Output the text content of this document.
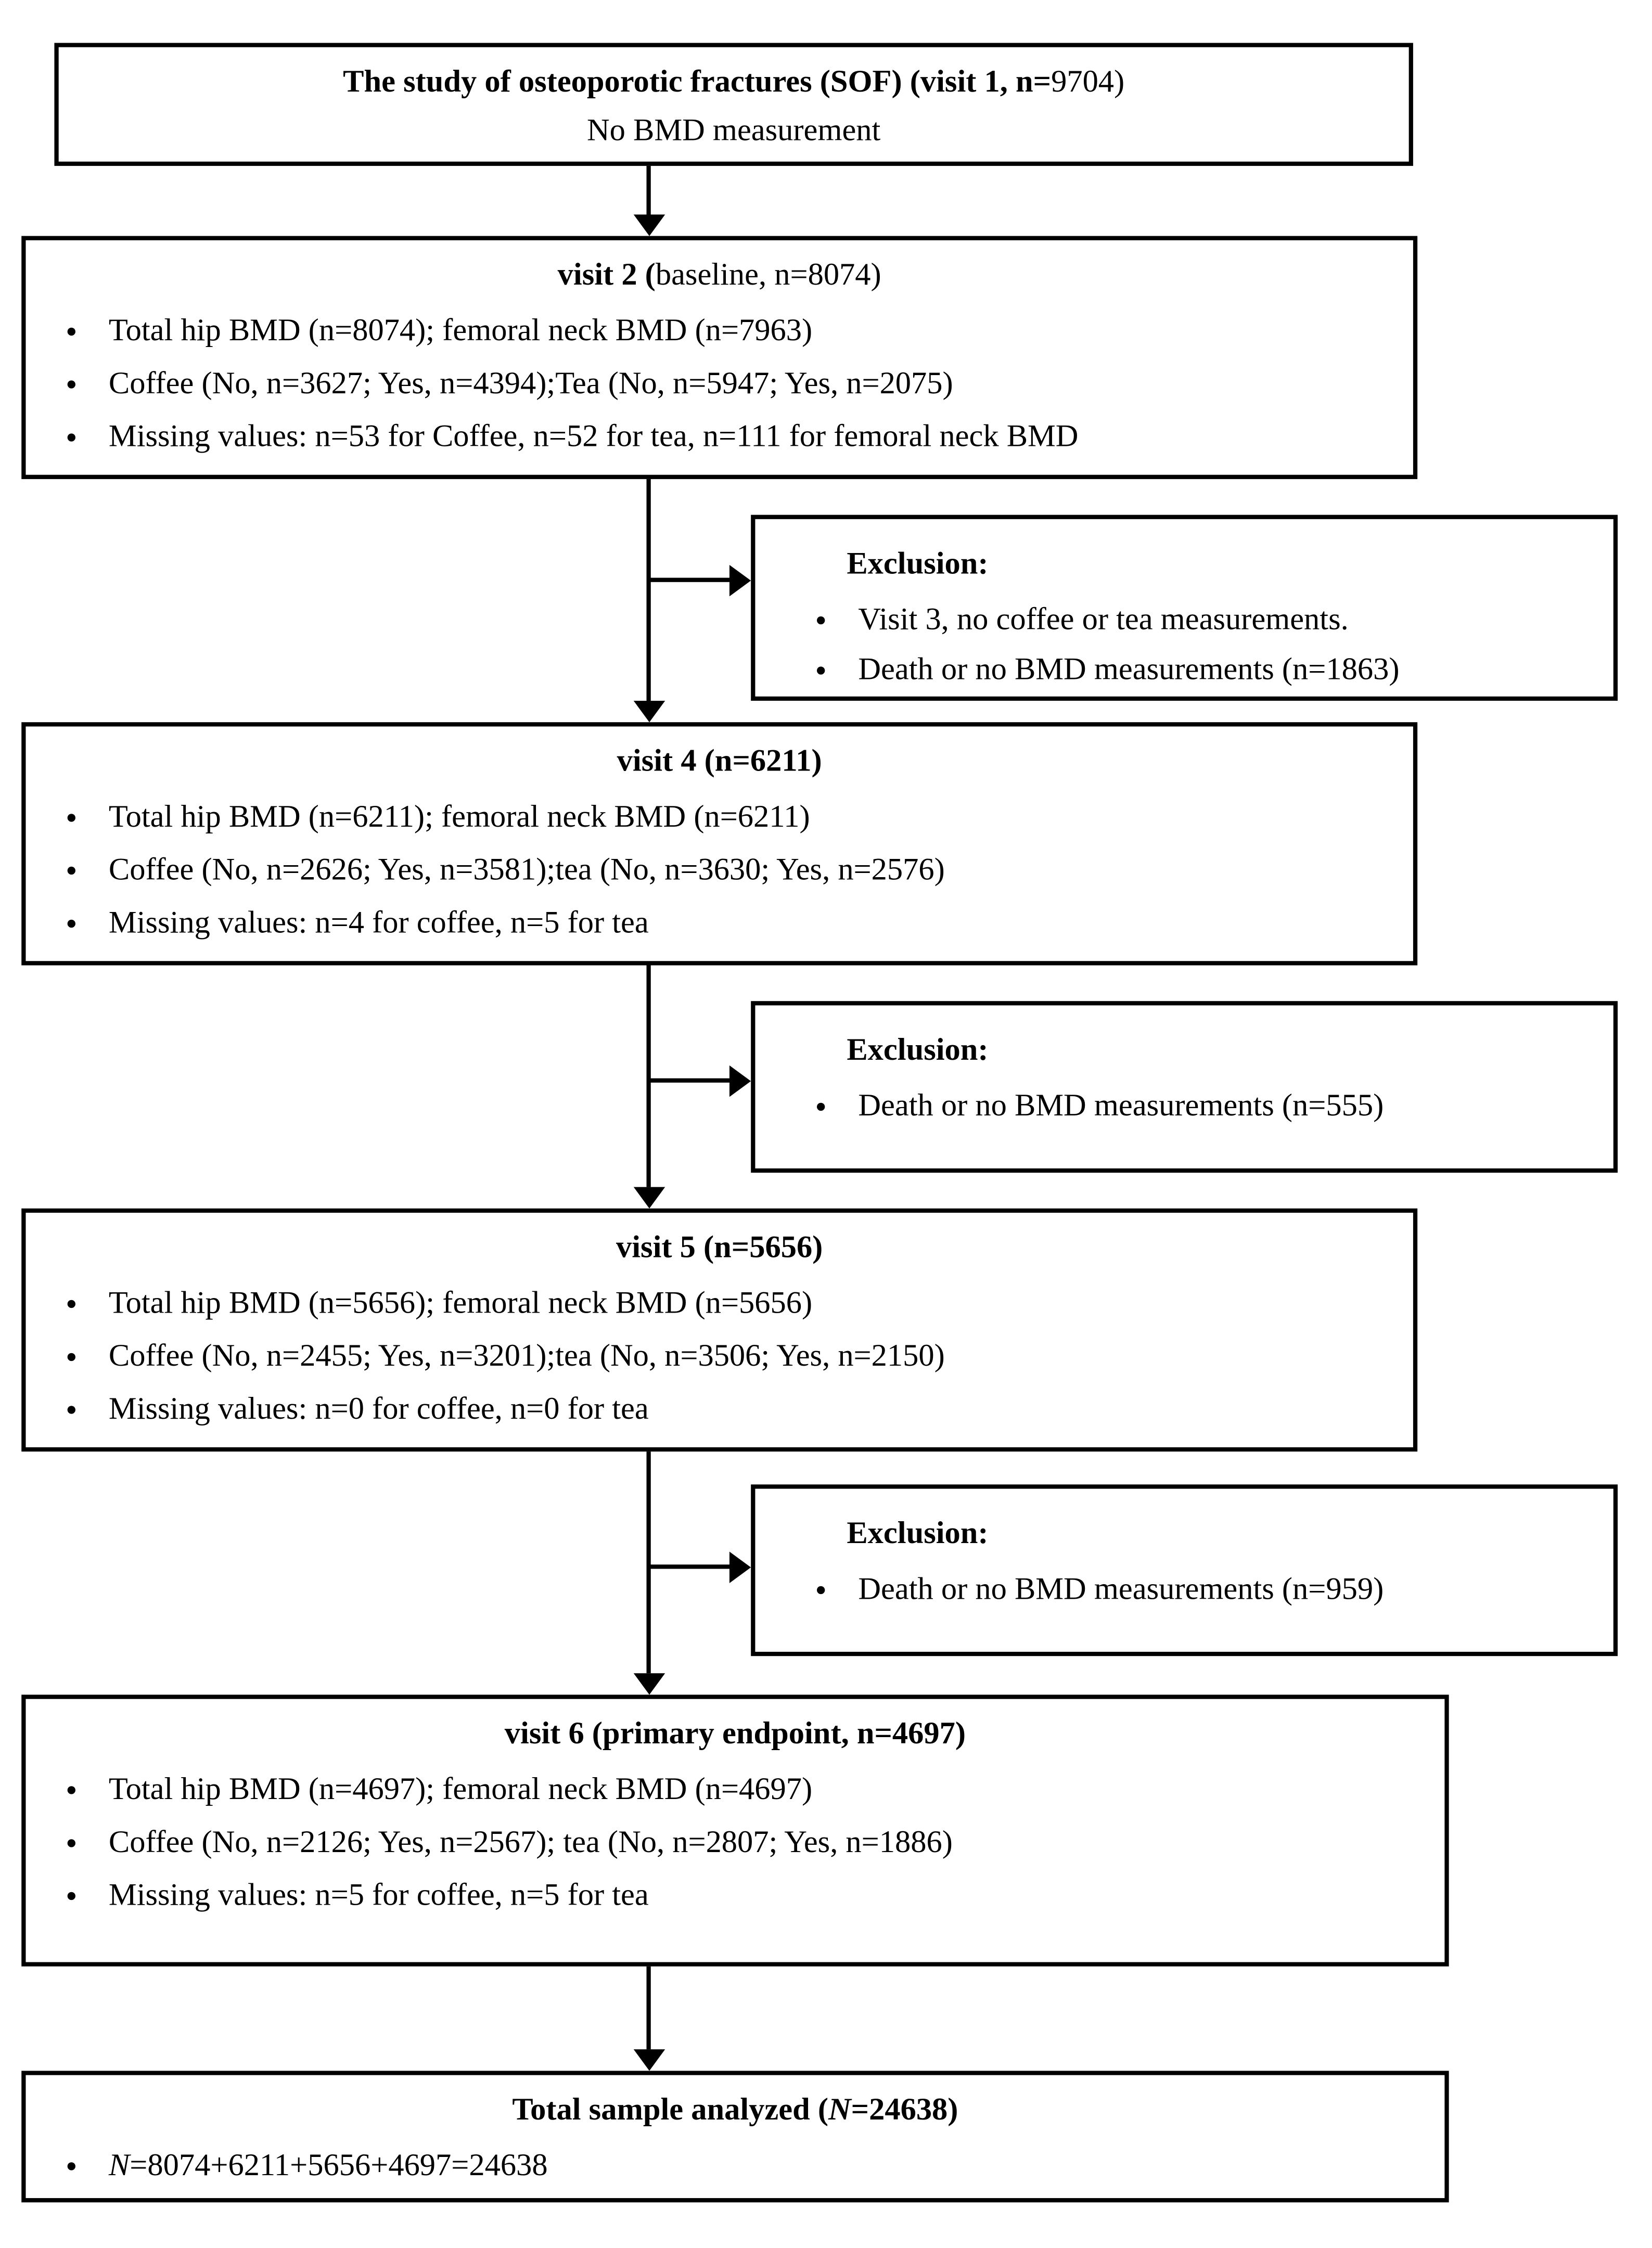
The study of osteoporotic fractures (SOF) (visit 1, n=9704)
No BMD measurement
visit 2 (baseline, n=8074)
● Total hip BMD (n=8074); femoral neck BMD (n=7963)
● Coffee (No, n=3627; Yes, n=4394);Tea (No, n=5947; Yes, n=2075)
● Missing values: n=53 for Coffee, n=52 for tea, n=111 for femoral neck BMD
Exclusion:
● Visit 3, no coffee or tea measurements.
● Death or no BMD measurements (n=1863)
visit 4 (n=6211)
● Total hip BMD (n=6211); femoral neck BMD (n=6211)
● Coffee (No, n=2626; Yes, n=3581);tea (No, n=3630; Yes, n=2576)
● Missing values: n=4 for coffee, n=5 for tea
Exclusion:
● Death or no BMD measurements (n=555)
visit 5 (n=5656)
● Total hip BMD (n=5656); femoral neck BMD (n=5656)
● Coffee (No, n=2455; Yes, n=3201);tea (No, n=3506; Yes, n=2150)
● Missing values: n=0 for coffee, n=0 for tea
Exclusion:
● Death or no BMD measurements (n=959)
visit 6 (primary endpoint, n=4697)
● Total hip BMD (n=4697); femoral neck BMD (n=4697)
● Coffee (No, n=2126; Yes, n=2567); tea (No, n=2807; Yes, n=1886)
● Missing values: n=5 for coffee, n=5 for tea
Total sample analyzed (N=24638)
● N=8074+6211+5656+4697=24638
